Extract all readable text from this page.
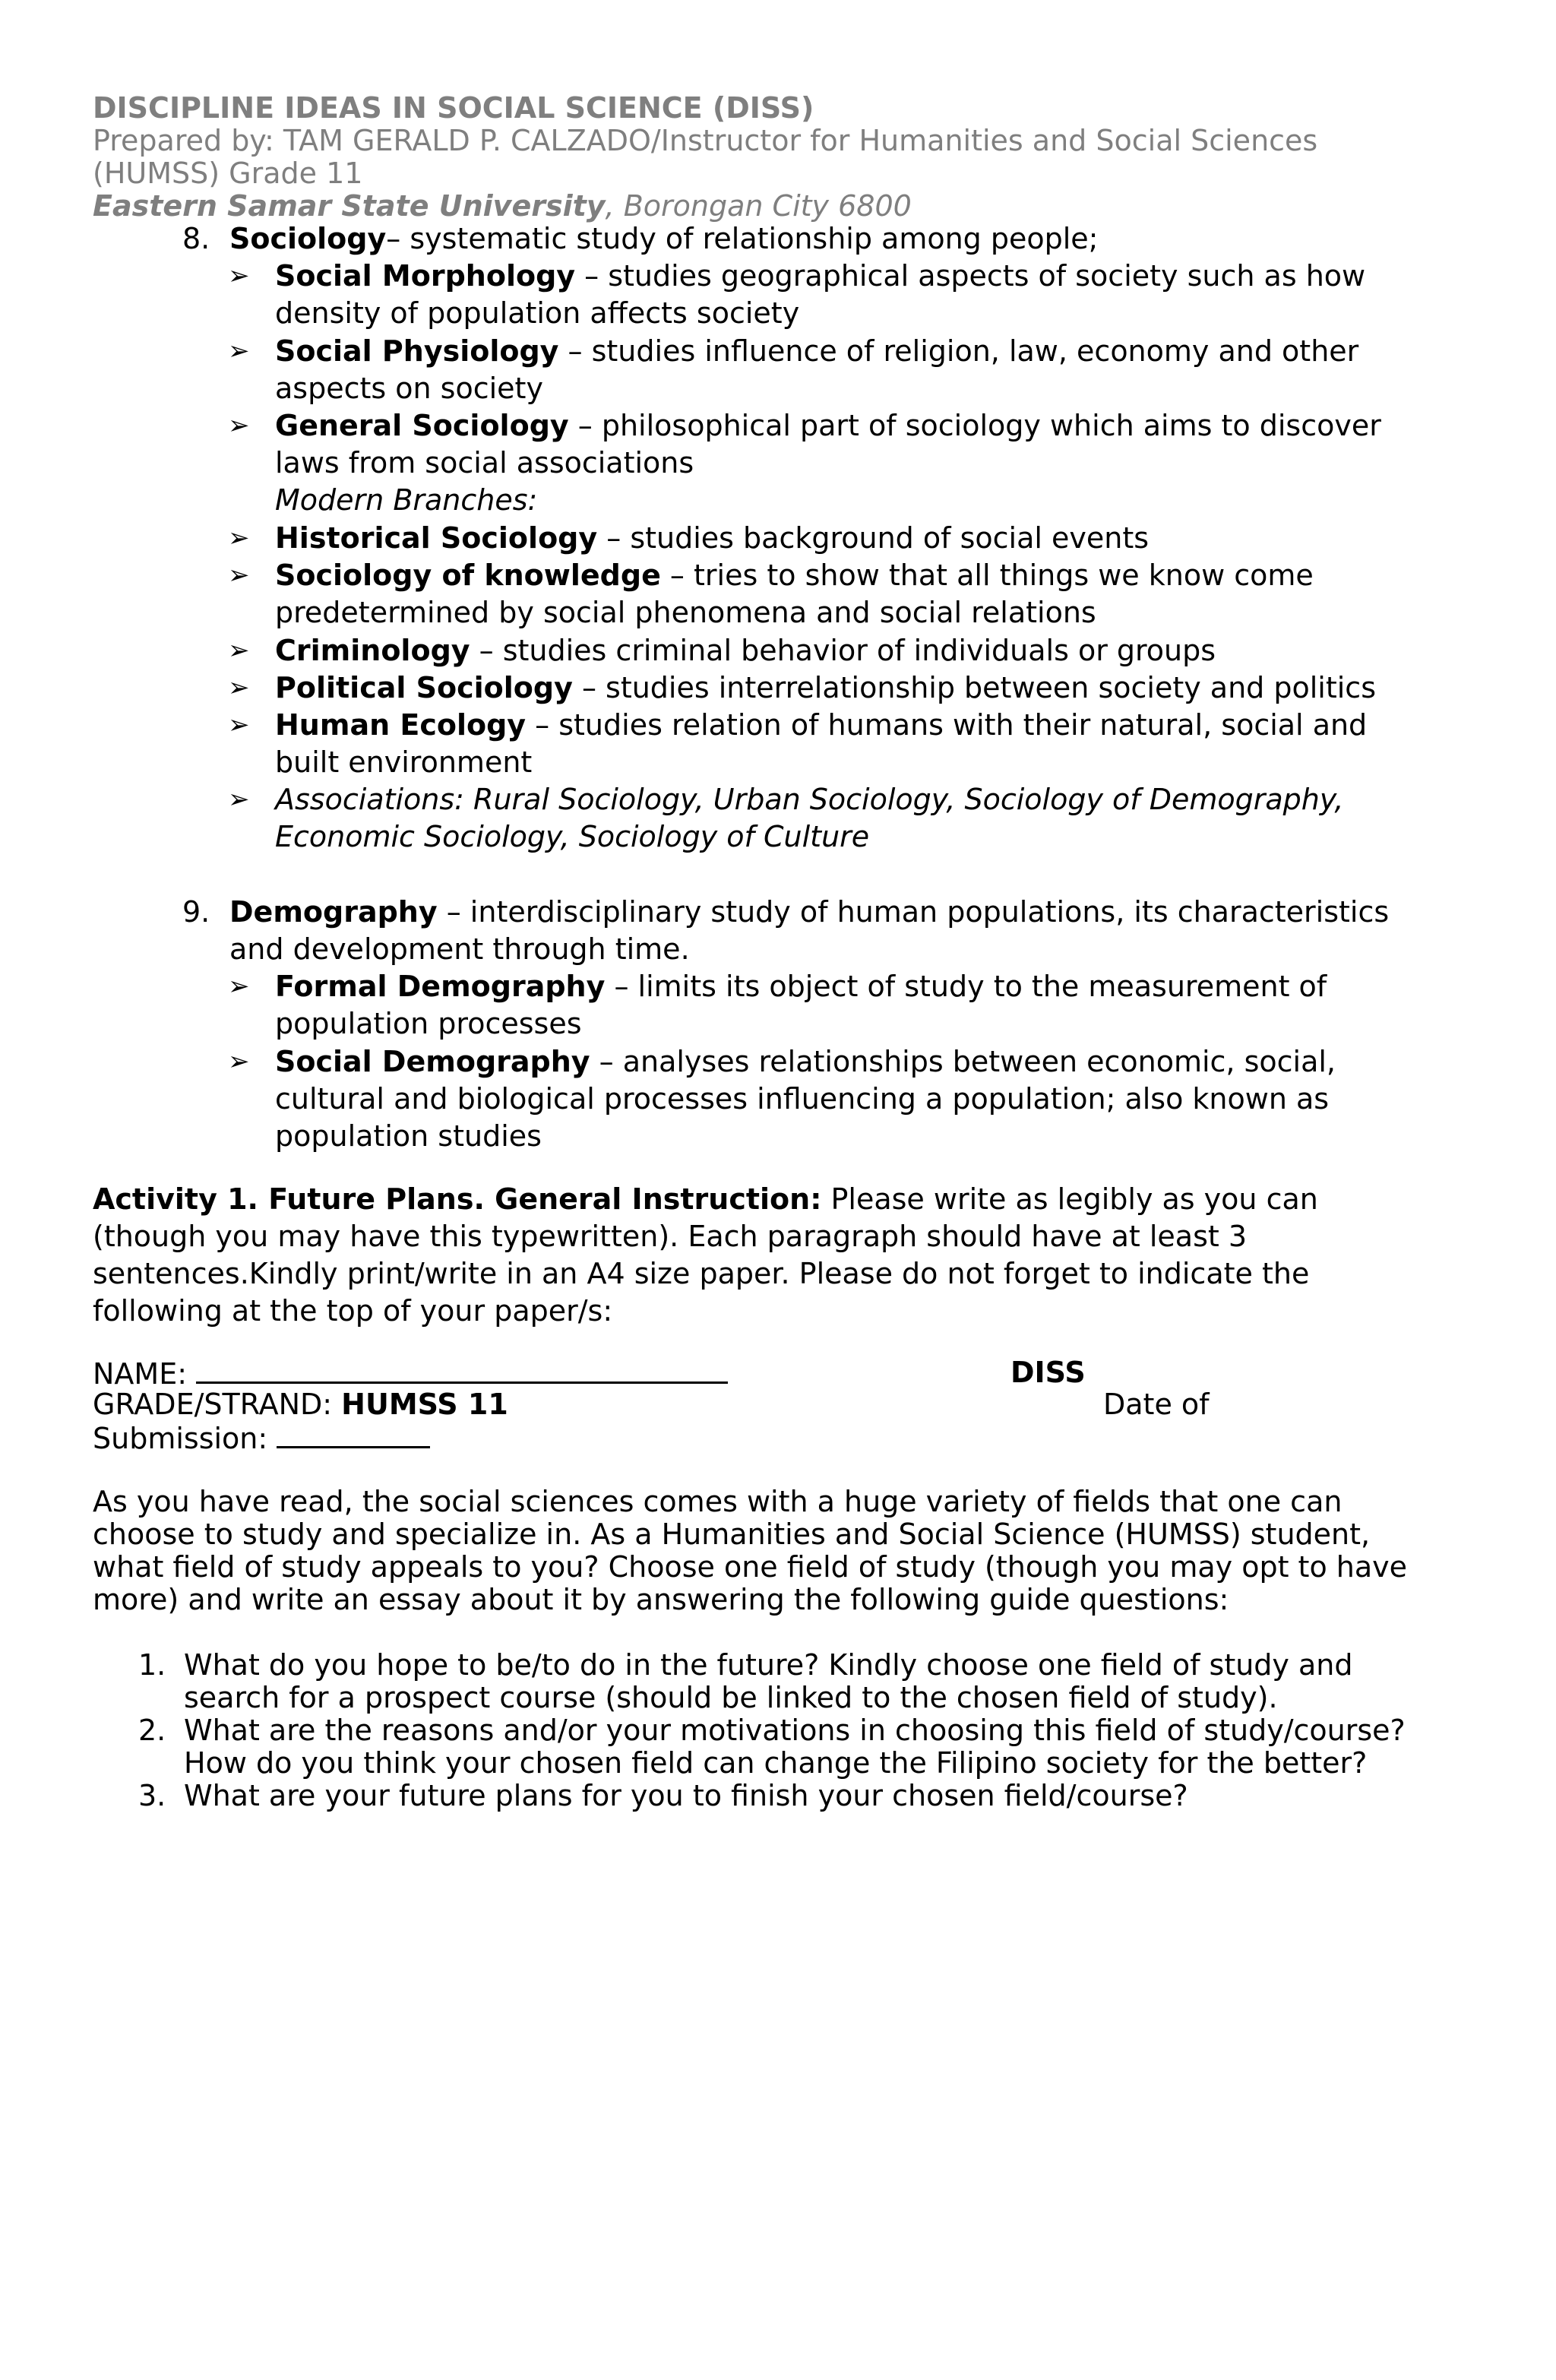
DISCIPLINE IDEAS IN SOCIAL SCIENCE (DISS)
Prepared by: TAM GERALD P. CALZADO/Instructor for Humanities and Social Sciences
(HUMSS) Grade 11
Eastern Samar State University, Borongan City 6800
8. Sociology– systematic study of relationship among people;
➢ Social Morphology – studies geographical aspects of society such as how
density of population affects society
➢ Social Physiology – studies influence of religion, law, economy and other
aspects on society
➢ General Sociology – philosophical part of sociology which aims to discover
laws from social associations
Modern Branches:
➢ Historical Sociology – studies background of social events
➢ Sociology of knowledge – tries to show that all things we know come
predetermined by social phenomena and social relations
➢ Criminology – studies criminal behavior of individuals or groups
➢ Political Sociology – studies interrelationship between society and politics
➢ Human Ecology – studies relation of humans with their natural, social and
built environment
➢ Associations: Rural Sociology, Urban Sociology, Sociology of Demography,
Economic Sociology, Sociology of Culture
9. Demography – interdisciplinary study of human populations, its characteristics
and development through time.
➢ Formal Demography – limits its object of study to the measurement of
population processes
➢ Social Demography – analyses relationships between economic, social,
cultural and biological processes influencing a population; also known as
population studies
Activity 1. Future Plans. General Instruction: Please write as legibly as you can
(though you may have this typewritten). Each paragraph should have at least 3
sentences.Kindly print/write in an A4 size paper. Please do not forget to indicate the
following at the top of your paper/s:
NAME:	DISS
GRADE/STRAND: HUMSS 11	Date of
Submission:
As you have read, the social sciences comes with a huge variety of fields that one can
choose to study and specialize in. As a Humanities and Social Science (HUMSS) student,
what field of study appeals to you? Choose one field of study (though you may opt to have
more) and write an essay about it by answering the following guide questions:
1. What do you hope to be/to do in the future? Kindly choose one field of study and
search for a prospect course (should be linked to the chosen field of study).
2. What are the reasons and/or your motivations in choosing this field of study/course?
How do you think your chosen field can change the Filipino society for the better?
3. What are your future plans for you to finish your chosen field/course?
